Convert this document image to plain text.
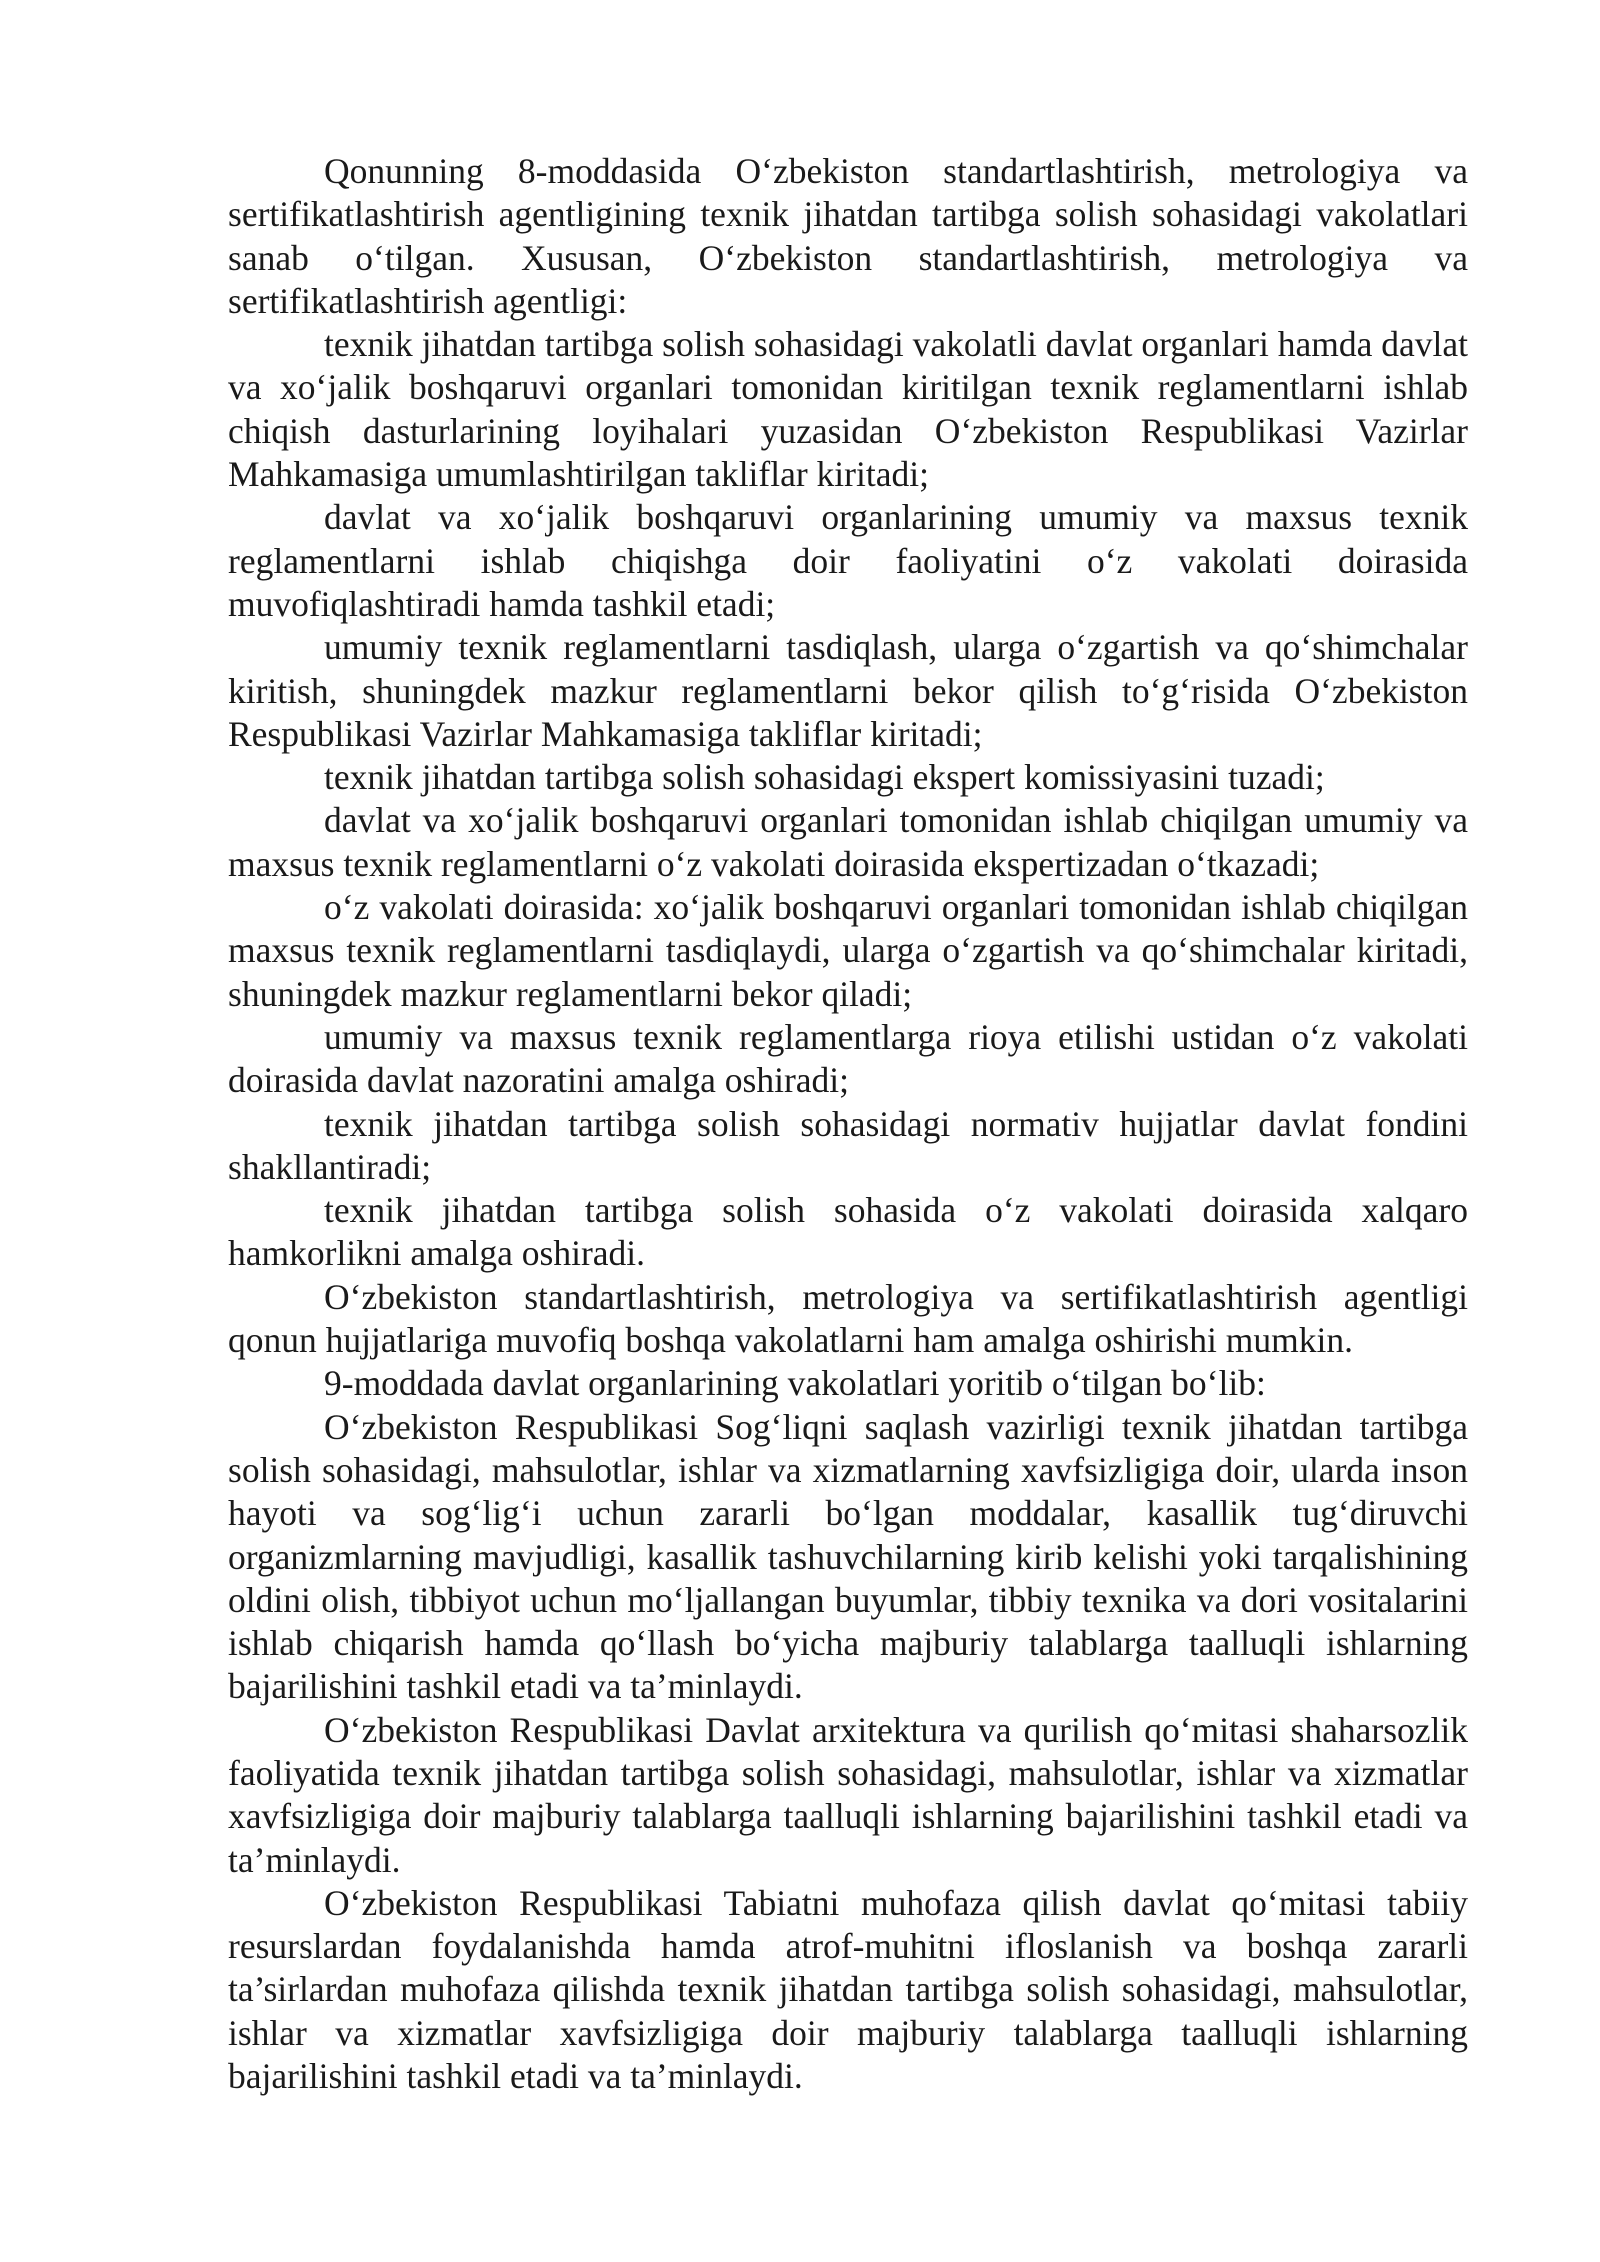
Qonunning 8-moddasida O‘zbekiston standartlashtirish, metrologiya va sertifikatlashtirish agentligining texnik jihatdan tartibga solish sohasidagi vakolatlari sanab o‘tilgan. Xususan, O‘zbekiston standartlashtirish, metrologiya va sertifikatlashtirish agentligi:

texnik jihatdan tartibga solish sohasidagi vakolatli davlat organlari hamda davlat va xo‘jalik boshqaruvi organlari tomonidan kiritilgan texnik reglamentlarni ishlab chiqish dasturlarining loyihalari yuzasidan O‘zbekiston Respublikasi Vazirlar Mahkamasiga umumlashtirilgan takliflar kiritadi;

davlat va xo‘jalik boshqaruvi organlarining umumiy va maxsus texnik reglamentlarni ishlab chiqishga doir faoliyatini o‘z vakolati doirasida muvofiqlashtiradi hamda tashkil etadi;

umumiy texnik reglamentlarni tasdiqlash, ularga o‘zgartish va qo‘shimchalar kiritish, shuningdek mazkur reglamentlarni bekor qilish to‘g‘risida O‘zbekiston Respublikasi Vazirlar Mahkamasiga takliflar kiritadi;

texnik jihatdan tartibga solish sohasidagi ekspert komissiyasini tuzadi;

davlat va xo‘jalik boshqaruvi organlari tomonidan ishlab chiqilgan umumiy va maxsus texnik reglamentlarni o‘z vakolati doirasida ekspertizadan o‘tkazadi;

o‘z vakolati doirasida: xo‘jalik boshqaruvi organlari tomonidan ishlab chiqilgan maxsus texnik reglamentlarni tasdiqlaydi, ularga o‘zgartish va qo‘shimchalar kiritadi, shuningdek mazkur reglamentlarni bekor qiladi;

umumiy va maxsus texnik reglamentlarga rioya etilishi ustidan o‘z vakolati doirasida davlat nazoratini amalga oshiradi;

texnik jihatdan tartibga solish sohasidagi normativ hujjatlar davlat fondini shakllantiradi;

texnik jihatdan tartibga solish sohasida o‘z vakolati doirasida xalqaro hamkorlikni amalga oshiradi.

O‘zbekiston standartlashtirish, metrologiya va sertifikatlashtirish agentligi qonun hujjatlariga muvofiq boshqa vakolatlarni ham amalga oshirishi mumkin.

9-moddada davlat organlarining vakolatlari yoritib o‘tilgan bo‘lib:

O‘zbekiston Respublikasi Sog‘liqni saqlash vazirligi texnik jihatdan tartibga solish sohasidagi, mahsulotlar, ishlar va xizmatlarning xavfsizligiga doir, ularda inson hayoti va sog‘lig‘i uchun zararli bo‘lgan moddalar, kasallik tug‘diruvchi organizmlarning mavjudligi, kasallik tashuvchilarning kirib kelishi yoki tarqalishining oldini olish, tibbiyot uchun mo‘ljallangan buyumlar, tibbiy texnika va dori vositalarini ishlab chiqarish hamda qo‘llash bo‘yicha majburiy talablarga taalluqli ishlarning bajarilishini tashkil etadi va ta’minlaydi.

O‘zbekiston Respublikasi Davlat arxitektura va qurilish qo‘mitasi shaharsozlik faoliyatida texnik jihatdan tartibga solish sohasidagi, mahsulotlar, ishlar va xizmatlar xavfsizligiga doir majburiy talablarga taalluqli ishlarning bajarilishini tashkil etadi va ta’minlaydi.

O‘zbekiston Respublikasi Tabiatni muhofaza qilish davlat qo‘mitasi tabiiy resurslardan foydalanishda hamda atrof-muhitni ifloslanish va boshqa zararli ta’sirlardan muhofaza qilishda texnik jihatdan tartibga solish sohasidagi, mahsulotlar, ishlar va xizmatlar xavfsizligiga doir majburiy talablarga taalluqli ishlarning bajarilishini tashkil etadi va ta’minlaydi.
